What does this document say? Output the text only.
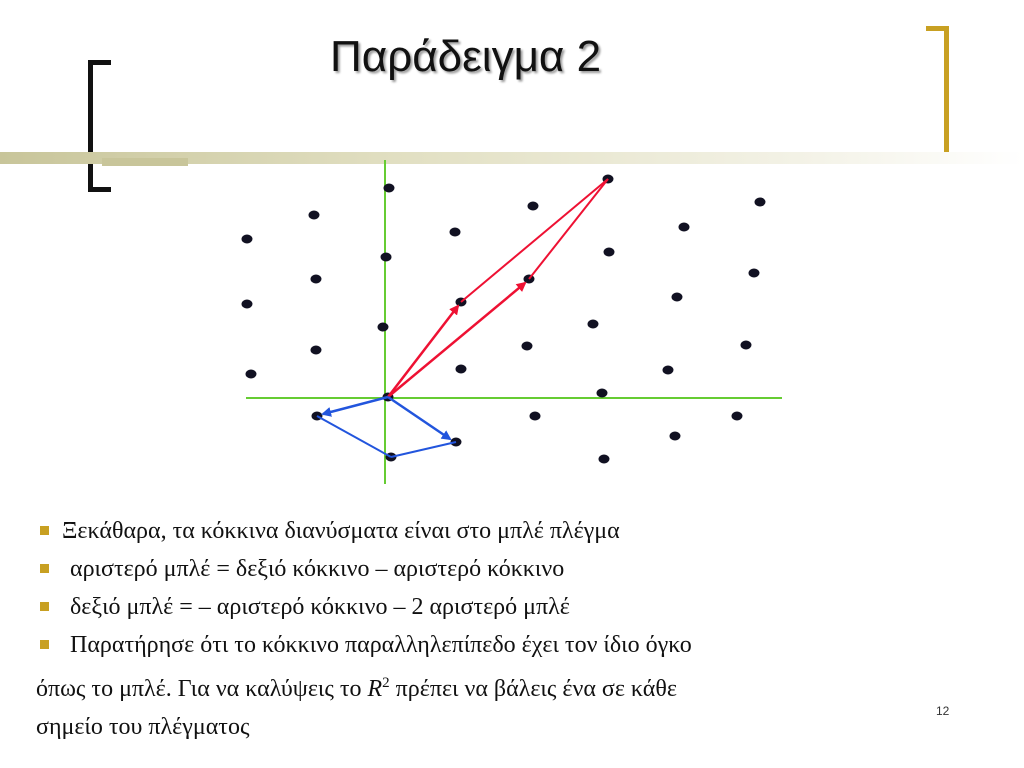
Παράδειγμα 2
Ξεκάθαρα, τα κόκκινα διανύσματα είναι στο μπλέ πλέγμα
αριστερό μπλέ = δεξιό κόκκινο – αριστερό κόκκινο
δεξιό μπλέ = – αριστερό κόκκινο – 2 αριστερό μπλέ
Παρατήρησε ότι το κόκκινο παραλληλεπίπεδο έχει τον ίδιο όγκο
όπως το μπλέ. Για να καλύψεις το $R^2$ πρέπει να βάλεις ένα σε κάθε
σημείο του πλέγματος
12
